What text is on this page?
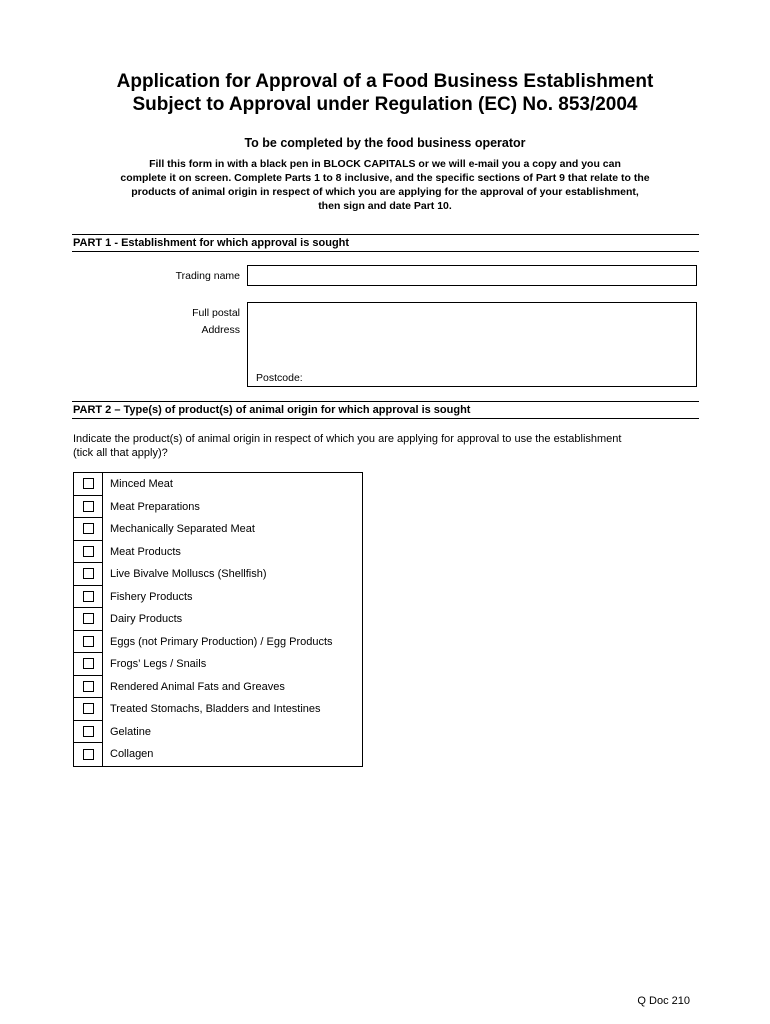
Application for Approval of a Food Business Establishment
Subject to Approval under Regulation (EC) No. 853/2004
To be completed by the food business operator
Fill this form in with a black pen in BLOCK CAPITALS or we will e-mail you a copy and you can
complete it on screen. Complete Parts 1 to 8 inclusive, and the specific sections of Part 9 that relate to the
products of animal origin in respect of which you are applying for the approval of your establishment,
then sign and date Part 10.
PART 1 - Establishment for which approval is sought
Trading name
Full postal
Address
Postcode:
PART 2 – Type(s) of product(s) of animal origin for which approval is sought
Indicate the product(s) of animal origin in respect of which you are applying for approval to use the establishment
(tick all that apply)?
Minced Meat
Meat Preparations
Mechanically Separated Meat
Meat Products
Live Bivalve Molluscs (Shellfish)
Fishery Products
Dairy Products
Eggs (not Primary Production) / Egg Products
Frogs’ Legs / Snails
Rendered Animal Fats and Greaves
Treated Stomachs, Bladders and Intestines
Gelatine
Collagen
Q Doc 210
